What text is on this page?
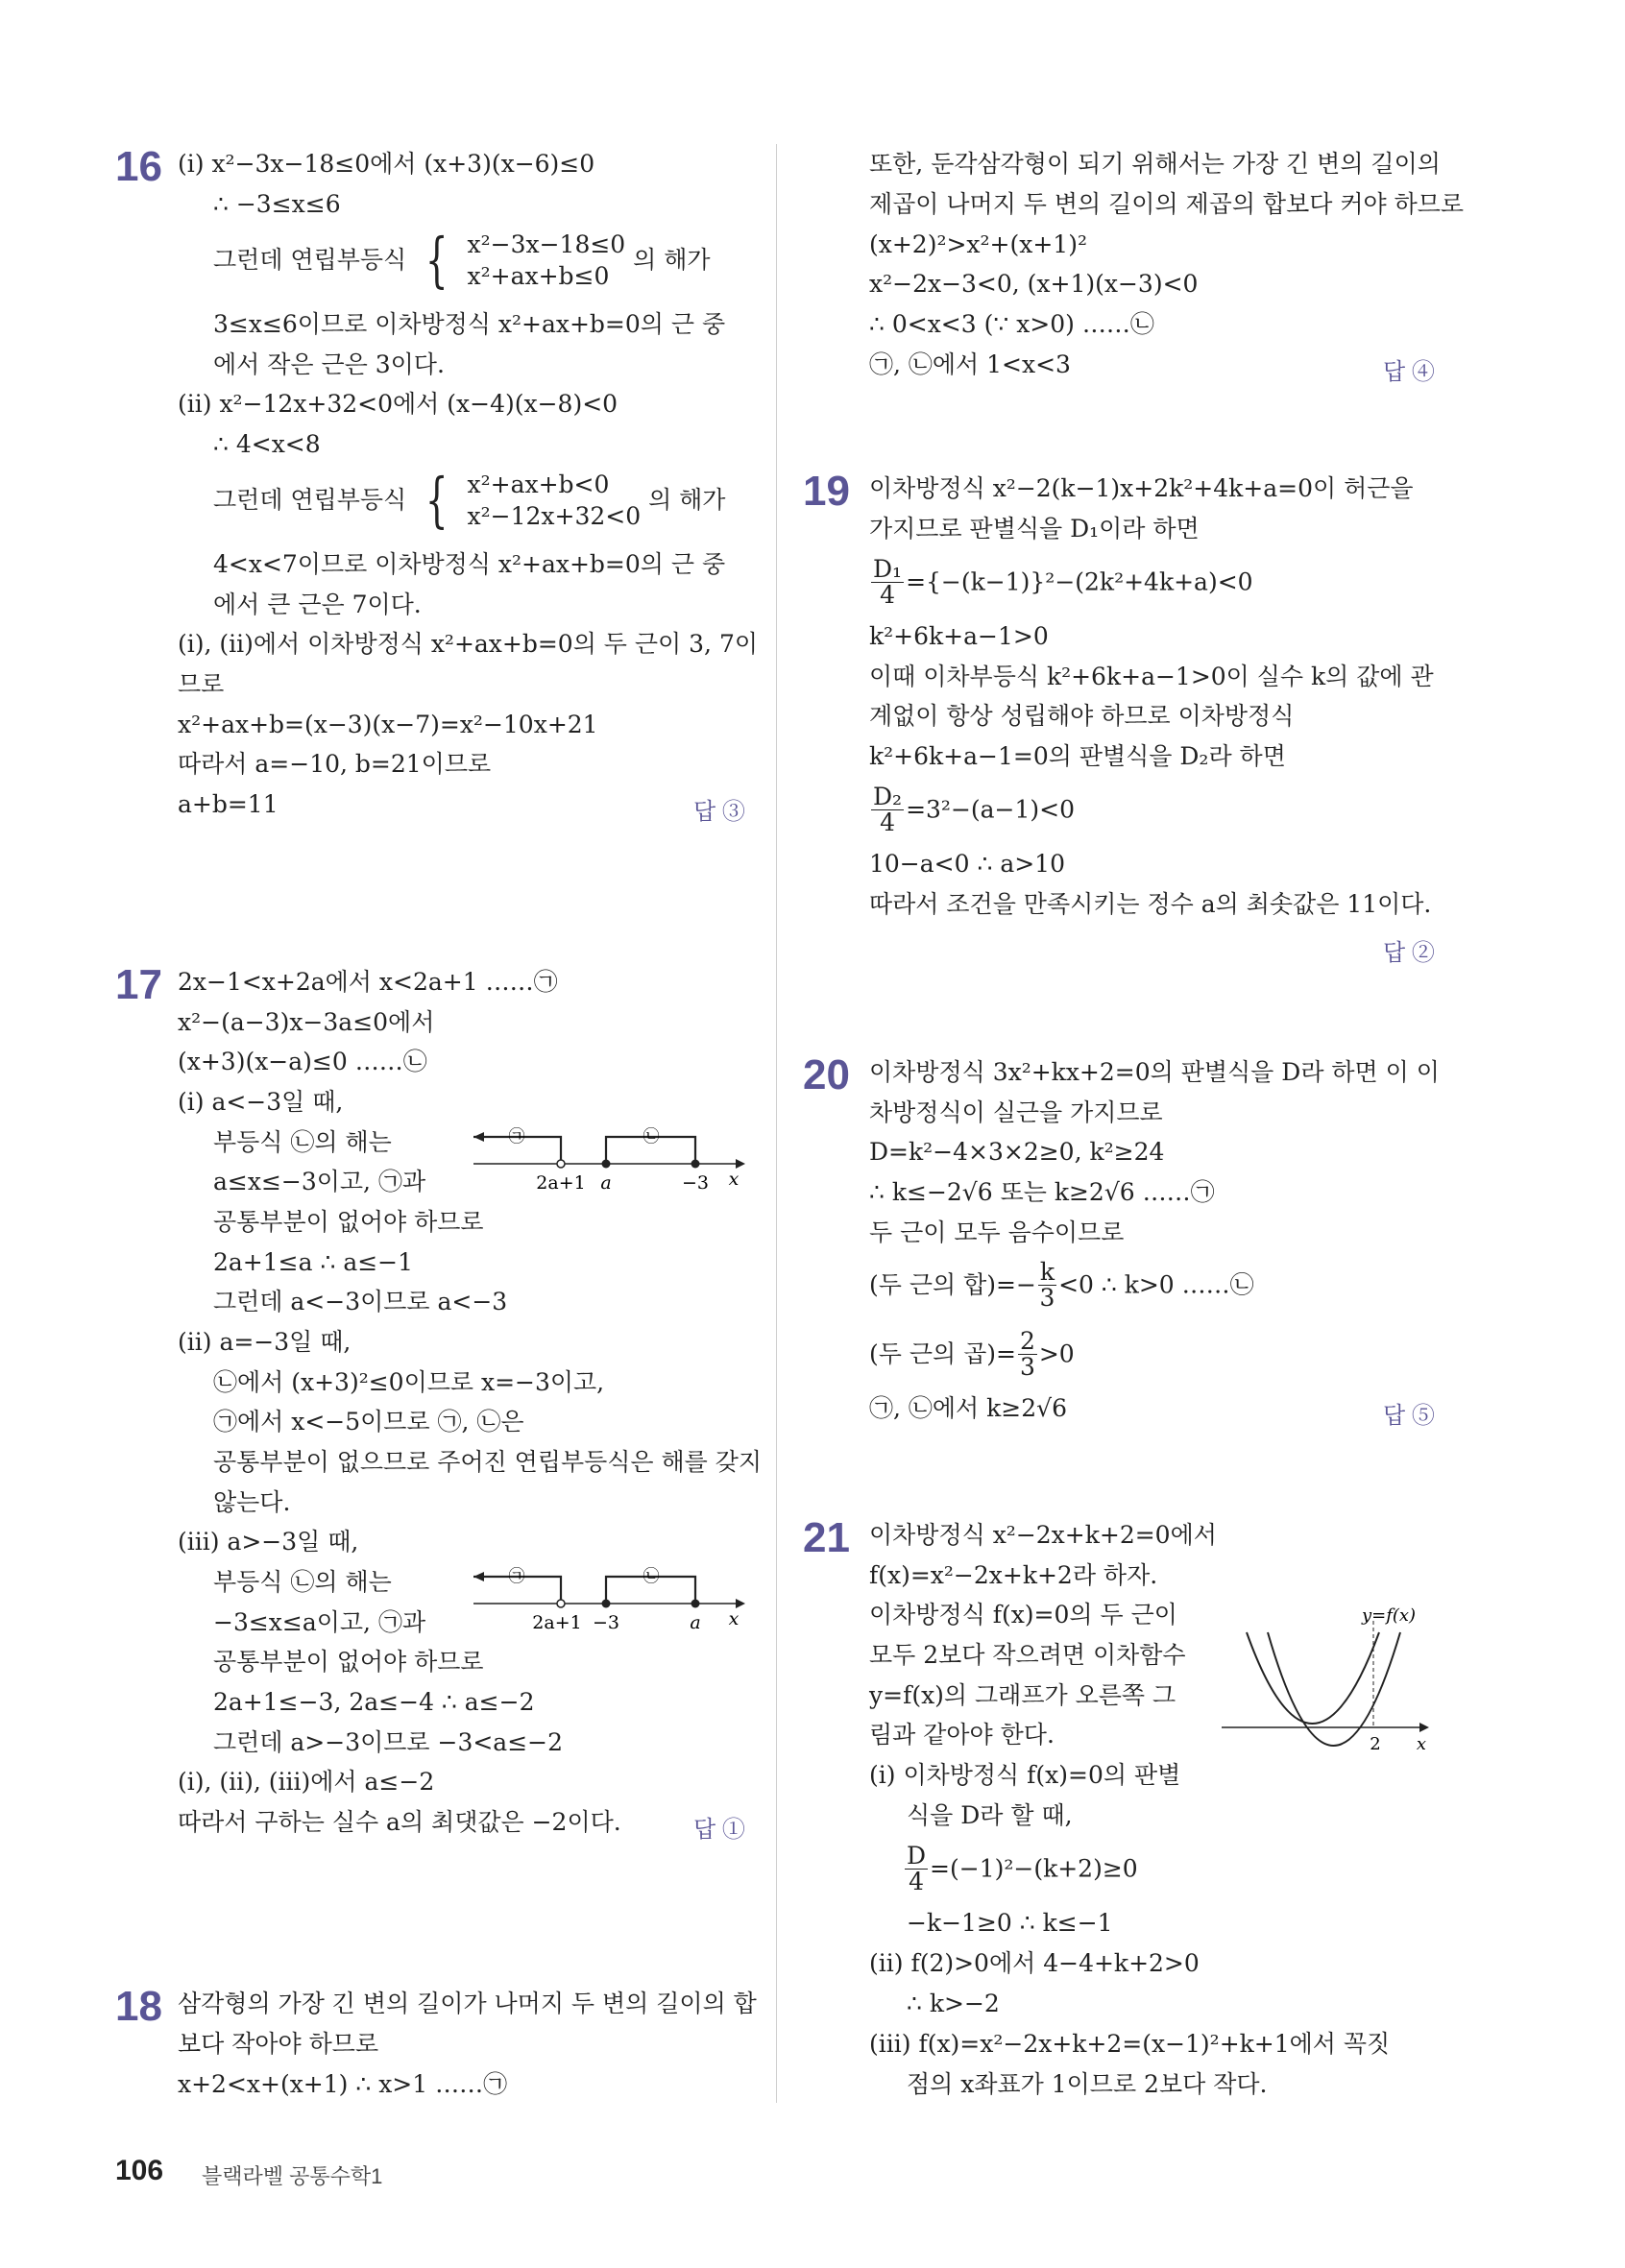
16 (ⅰ) x²−3x−18≤0에서 (x+3)(x−6)≤0
∴ −3≤x≤6
그런데 연립부등식 { x²−3x−18≤0
x²+ax+b≤0
의 해가
3≤x≤6이므로 이차방정식 x²+ax+b=0의 근 중
에서 작은 근은 3이다.
(ⅱ) x²−12x+32<0에서 (x−4)(x−8)<0
∴ 4<x<8
그런데 연립부등식 { x²+ax+b<0
x²−12x+32<0
의 해가
4<x<7이므로 이차방정식 x²+ax+b=0의 근 중
에서 큰 근은 7이다.
(ⅰ), (ⅱ)에서 이차방정식 x²+ax+b=0의 두 근이 3, 7이
므로
x²+ax+b=(x−3)(x−7)=x²−10x+21
따라서 a=−10, b=21이므로
a+b=11	답 ③
17 2x−1<x+2a에서 x<2a+1 ……㉠
x²−(a−3)x−3a≤0에서
(x+3)(x−a)≤0 ……㉡
(ⅰ) a<−3일 때,
부등식 ㉡의 해는
a≤x≤−3이고, ㉠과
공통부분이 없어야 하므로
2a+1≤a ∴ a≤−1
그런데 a<−3이므로 a<−3
(ⅱ) a=−3일 때,
㉡에서 (x+3)²≤0이므로 x=−3이고,
㉠에서 x<−5이므로 ㉠, ㉡은
공통부분이 없으므로 주어진 연립부등식은 해를 갖지
않는다.
(ⅲ) a>−3일 때,
부등식 ㉡의 해는
−3≤x≤a이고, ㉠과
공통부분이 없어야 하므로
2a+1≤−3, 2a≤−4 ∴ a≤−2
그런데 a>−3이므로 −3<a≤−2
(ⅰ), (ⅱ), (ⅲ)에서 a≤−2
따라서 구하는 실수 a의 최댓값은 −2이다.	답 ①
㉠	㉡
2a+1 a	−3 x
㉠	㉡
2a+1 −3	a x
18 삼각형의 가장 긴 변의 길이가 나머지 두 변의 길이의 합
보다 작아야 하므로
x+2<x+(x+1) ∴ x>1 ……㉠
또한, 둔각삼각형이 되기 위해서는 가장 긴 변의 길이의
제곱이 나머지 두 변의 길이의 제곱의 합보다 커야 하므로
(x+2)²>x²+(x+1)²
x²−2x−3<0, (x+1)(x−3)<0
∴ 0<x<3 (∵ x>0) ……㉡
㉠, ㉡에서 1<x<3	답 ④
19 이차방정식 x²−2(k−1)x+2k²+4k+a=0이 허근을
가지므로 판별식을 D₁이라 하면
$\frac{\text{D₁}}{4} =\{-(k-1)\}^2-(2k^2+4k+a)<0$
k²+6k+a−1>0
이때 이차부등식 k²+6k+a−1>0이 실수 k의 값에 관
계없이 항상 성립해야 하므로 이차방정식
k²+6k+a−1=0의 판별식을 D₂라 하면
$\frac{\text{D₂}}{4} =3^2-(a-1)<0$
10−a<0 ∴ a>10
따라서 조건을 만족시키는 정수 a의 최솟값은 11이다.
답 ②
20 이차방정식 3x²+kx+2=0의 판별식을 D라 하면 이 이
차방정식이 실근을 가지므로
D=k²−4×3×2≥0, k²≥24
∴ k≤−2√6 또는 k≥2√6 ……㉠
두 근이 모두 음수이므로
(두 근의 합)=− $\frac{k}{3} <0$ ∴ k>0 ……㉡
(두 근의 곱)= $\frac{2}{3} >0$
㉠, ㉡에서 k≥2√6	답 ⑤
21 이차방정식 x²−2x+k+2=0에서
f(x)=x²−2x+k+2라 하자.
이차방정식 f(x)=0의 두 근이
모두 2보다 작으려면 이차함수
y=f(x)의 그래프가 오른쪽 그
림과 같아야 한다.
(ⅰ) 이차방정식 f(x)=0의 판별
식을 D라 할 때,
$\frac{D}{4} =(-1)^2-(k+2)\ge 0$
−k−1≥0 ∴ k≤−1
(ⅱ) f(2)>0에서 4−4+k+2>0
∴ k>−2
(ⅲ) f(x)=x²−2x+k+2=(x−1)²+k+1에서 꼭짓
점의 x좌표가 1이므로 2보다 작다.
y=f(x)
2 x
106 블랙라벨 공통수학1
